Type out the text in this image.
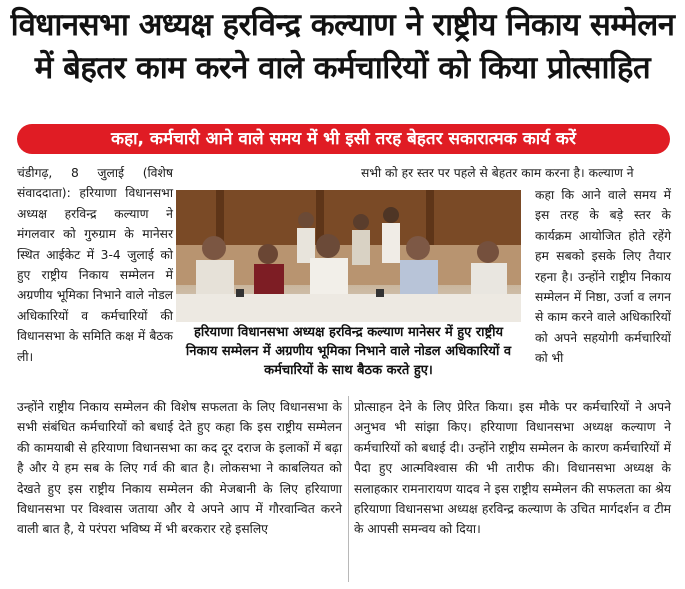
विधानसभा अध्यक्ष हरविन्द्र कल्याण ने राष्ट्रीय निकाय सम्मेलन
में बेहतर काम करने वाले कर्मचारियों को किया प्रोत्साहित
कहा, कर्मचारी आने वाले समय में भी इसी तरह बेहतर सकारात्मक कार्य करें

चंडीगढ़, 8 जुलाई (विशेष संवाददाता): हरियाणा विधानसभा अध्यक्ष हरविन्द्र कल्याण ने मंगलवार को गुरुग्राम के मानेसर स्थित आईकेट में 3-4 जुलाई को हुए राष्ट्रीय निकाय सम्मेलन में अग्रणीय भूमिका निभाने वाले नोडल अधिकारियों व कर्मचारियों की विधानसभा के समिति कक्ष में बैठक ली।

सभी को हर स्तर पर पहले से बेहतर काम करना है। कल्याण ने

कहा कि आने वाले समय में इस तरह के बड़े स्तर के कार्यक्रम आयोजित होते रहेंगे हम सबको इसके लिए तैयार रहना है। उन्होंने राष्ट्रीय निकाय सम्मेलन में निष्ठा, उर्जा व लगन से काम करने वाले अधिकारियों को अपने सहयोगी कर्मचारियों को भी

हरियाणा विधानसभा अध्यक्ष हरविन्द्र कल्याण मानेसर में हुए राष्ट्रीय निकाय सम्मेलन में अग्रणीय भूमिका निभाने वाले नोडल अधिकारियों व कर्मचारियों के साथ बैठक करते हुए।

उन्होंने राष्ट्रीय निकाय सम्मेलन की विशेष सफलता के लिए विधानसभा के सभी संबंधित कर्मचारियों को बधाई देते हुए कहा कि इस राष्ट्रीय सम्मेलन की कामयाबी से हरियाणा विधानसभा का कद दूर दराज के इलाकों में बढ़ा है और ये हम सब के लिए गर्व की बात है। लोकसभा ने काबलियत को देखते हुए इस राष्ट्रीय निकाय सम्मेलन की मेजबानी के लिए हरियाणा विधानसभा पर विश्वास जताया और ये अपने आप में गौरवान्वित करने वाली बात है, ये परंपरा भविष्य में भी बरकरार रहे इसलिए

प्रोत्साहन देने के लिए प्रेरित किया। इस मौके पर कर्मचारियों ने अपने अनुभव भी सांझा किए। हरियाणा विधानसभा अध्यक्ष कल्याण ने कर्मचारियों को बधाई दी। उन्होंने राष्ट्रीय सम्मेलन के कारण कर्मचारियों में पैदा हुए आत्मविश्वास की भी तारीफ की। विधानसभा अध्यक्ष के सलाहकार रामनारायण यादव ने इस राष्ट्रीय सम्मेलन की सफलता का श्रेय हरियाणा विधानसभा अध्यक्ष हरविन्द्र कल्याण के उचित मार्गदर्शन व टीम के आपसी समन्वय को दिया।
